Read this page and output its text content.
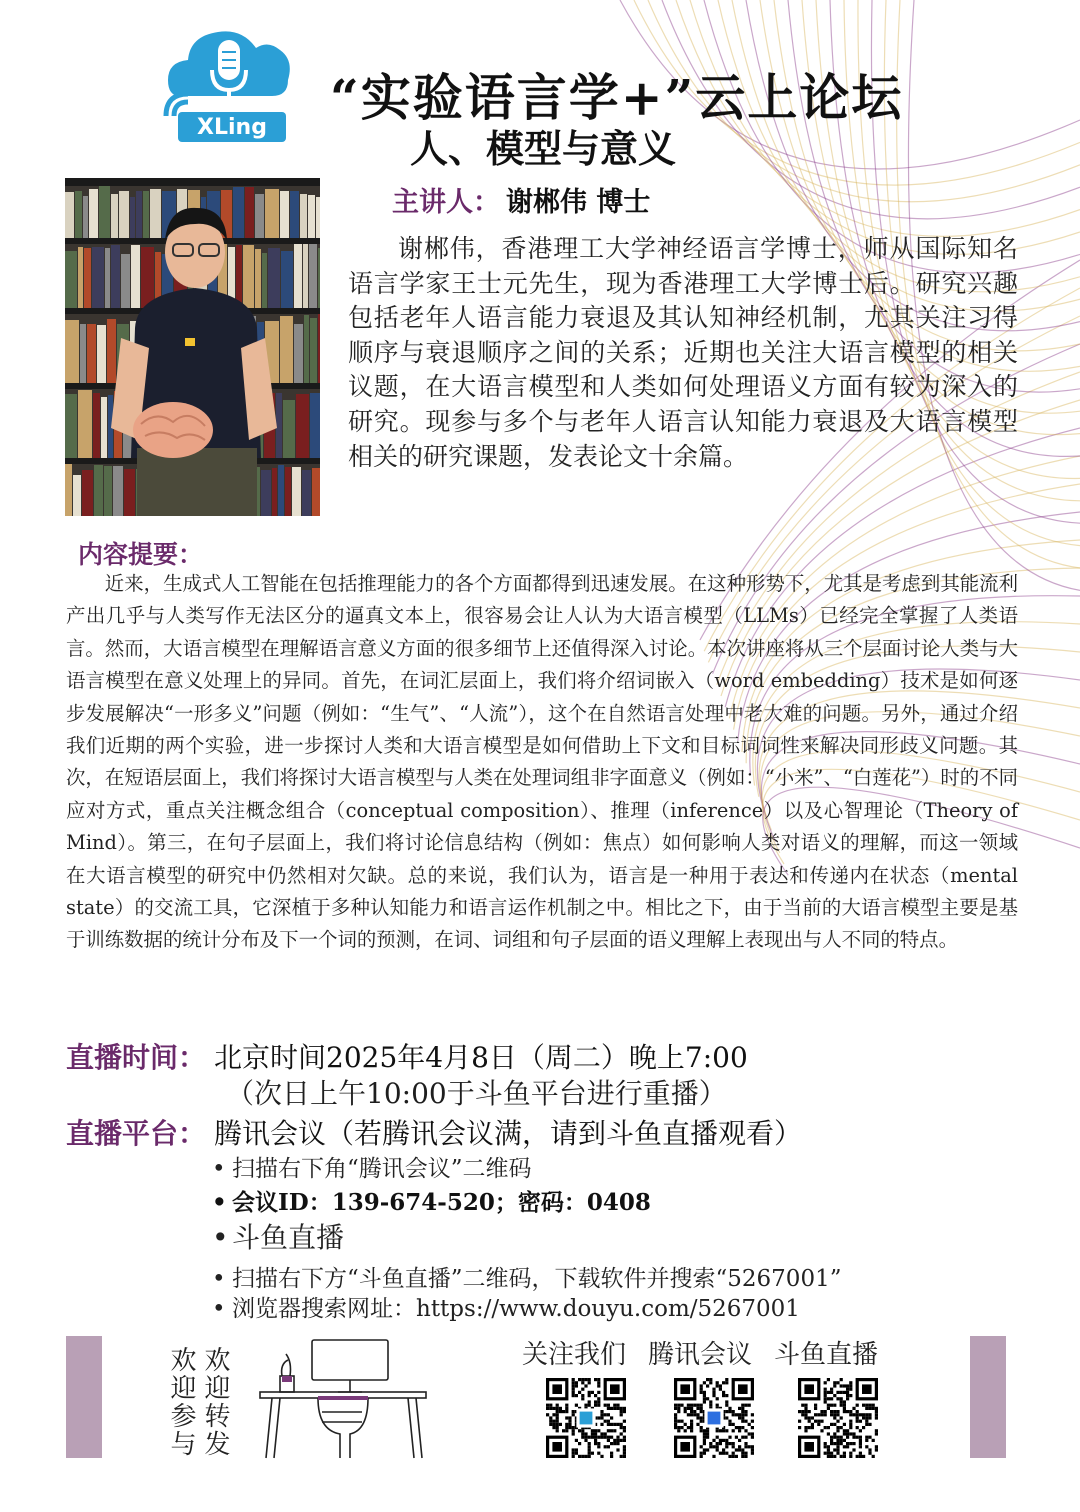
XLing
“实验语言学+”云上论坛
人、模型与意义
主讲人： 谢郴伟 博士
谢郴伟，香港理工大学神经语言学博士，师从国际知名语言学家王士元先生，现为香港理工大学博士后。研究兴趣包括老年人语言能力衰退及其认知神经机制，尤其关注习得顺序与衰退顺序之间的关系；近期也关注大语言模型的相关议题，在大语言模型和人类如何处理语义方面有较为深入的研究。现参与多个与老年人语言认知能力衰退及大语言模型相关的研究课题，发表论文十余篇。
内容提要：
近来，生成式人工智能在包括推理能力的各个方面都得到迅速发展。在这种形势下，尤其是考虑到其能流利产出几乎与人类写作无法区分的逼真文本上，很容易会让人认为大语言模型（LLMs）已经完全掌握了人类语言。然而，大语言模型在理解语言意义方面的很多细节上还值得深入讨论。本次讲座将从三个层面讨论人类与大语言模型在意义处理上的异同。首先，在词汇层面上，我们将介绍词嵌入（word embedding）技术是如何逐步发展解决“一形多义”问题（例如：“生气”、“人流”），这个在自然语言处理中老大难的问题。另外，通过介绍我们近期的两个实验，进一步探讨人类和大语言模型是如何借助上下文和目标词词性来解决同形歧义问题。其次，在短语层面上，我们将探讨大语言模型与人类在处理词组非字面意义（例如：“小米”、“白莲花”）时的不同应对方式，重点关注概念组合（conceptual composition）、推理（inference）以及心智理论（Theory of Mind）。第三，在句子层面上，我们将讨论信息结构（例如：焦点）如何影响人类对语义的理解，而这一领域在大语言模型的研究中仍然相对欠缺。总的来说，我们认为，语言是一种用于表达和传递内在状态（mental state）的交流工具，它深植于多种认知能力和语言运作机制之中。相比之下，由于当前的大语言模型主要是基于训练数据的统计分布及下一个词的预测，在词、词组和句子层面的语义理解上表现出与人不同的特点。
直播时间： 北京时间2025年4月8日（周二）晚上7:00
（次日上午10:00于斗鱼平台进行重播）
直播平台： 腾讯会议（若腾讯会议满，请到斗鱼直播观看）
• 扫描右下角“腾讯会议”二维码
• 会议ID：139-674-520；密码：0408
• 斗鱼直播
• 扫描右下方“斗鱼直播”二维码，下载软件并搜索“5267001”
• 浏览器搜索网址：https://www.douyu.com/5267001
欢迎转发
欢迎参与	关注我们 腾讯会议 斗鱼直播
